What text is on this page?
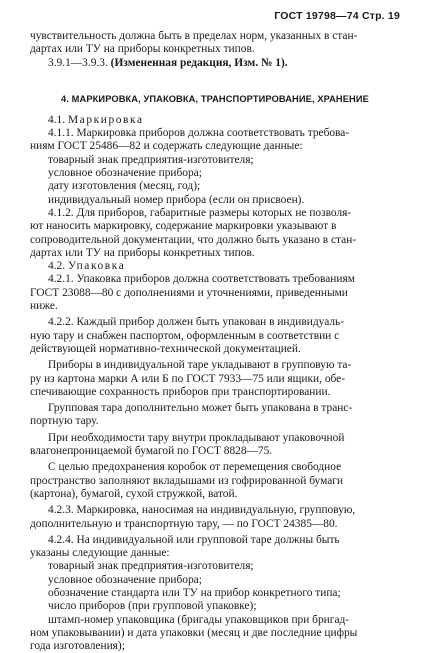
ГОСТ 19798—74 Стр. 19

чувствительность должна быть в пределах норм, указанных в стан-

дартах или ТУ на приборы конкретных типов.

3.9.1—3.9.3. (Измененная редакция, Изм. № 1).

4. МАРКИРОВКА, УПАКОВКА, ТРАНСПОРТИРОВАНИЕ, ХРАНЕНИЕ

4.1. Маркировка

4.1.1. Маркировка приборов должна соответствовать требова-

ниям ГОСТ 25486—82 и содержать следующие данные:

товарный знак предприятия-изготовителя;

условное обозначение прибора;

дату изготовления (месяц, год);

индивидуальный номер прибора (если он присвоен).

4.1.2. Для приборов, габаритные размеры которых не позволя-

ют наносить маркировку, содержание маркировки указывают в

сопроводительной документации, что должно быть указано в стан-

дартах или ТУ на приборы конкретных типов.

4.2. Упаковка

4.2.1. Упаковка приборов должна соответствовать требованиям

ГОСТ 23088—80 с дополнениями и уточнениями, приведенными

ниже.

4.2.2. Каждый прибор должен быть упакован в индивидуаль-

ную тару и снабжен паспортом, оформленным в соответствии с

действующей нормативно-технической документацией.

Приборы в индивидуальной таре укладывают в групповую та-

ру из картона марки А или Б по ГОСТ 7933—75 или ящики, обе-

спечивающие сохранность приборов при транспортировании.

Групповая тара дополнительно может быть упакована в транс-

портную тару.

При необходимости тару внутри прокладывают упаковочной

влагонепроницаемой бумагой по ГОСТ 8828—75.

С целью предохранения коробок от перемещения свободное

пространство заполняют вкладышами из гофрированной бумаги

(картона), бумагой, сухой стружкой, ватой.

4.2.3. Маркировка, наносимая на индивидуальную, групповую,

дополнительную и транспортную тару, — по ГОСТ 24385—80.

4.2.4. На индивидуальной или групповой таре должны быть

указаны следующие данные:

товарный знак предприятия-изготовителя;

условное обозначение прибора;

обозначение стандарта или ТУ на прибор конкретного типа;

число приборов (при групповой упаковке);

штамп-номер упаковщика (бригады упаковщиков при бригад-

ном упаковывании) и дата упаковки (месяц и две последние цифры

года изготовления);
